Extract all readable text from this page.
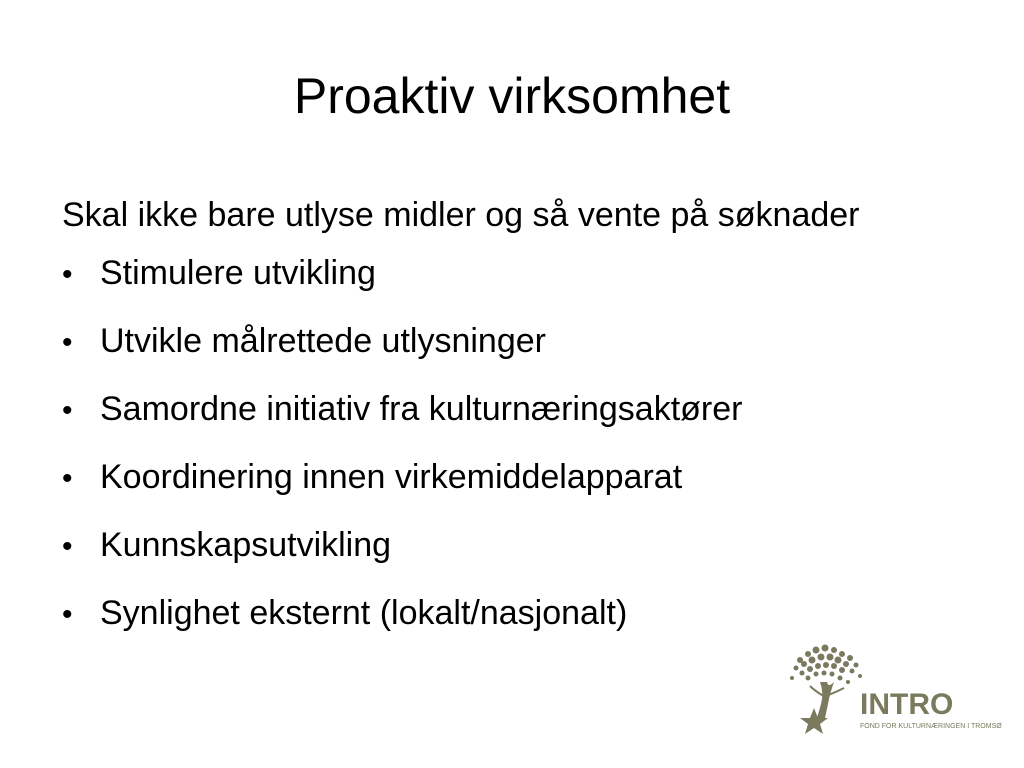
Proaktiv virksomhet
Skal ikke bare utlyse midler og så vente på søknader
• Stimulere utvikling
• Utvikle målrettede utlysninger
• Samordne initiativ fra kulturnæringsaktører
• Koordinering innen virkemiddelapparat
• Kunnskapsutvikling
• Synlighet eksternt (lokalt/nasjonalt)
INTRO
FOND FOR KULTURNÆRINGEN I TROMSØ
